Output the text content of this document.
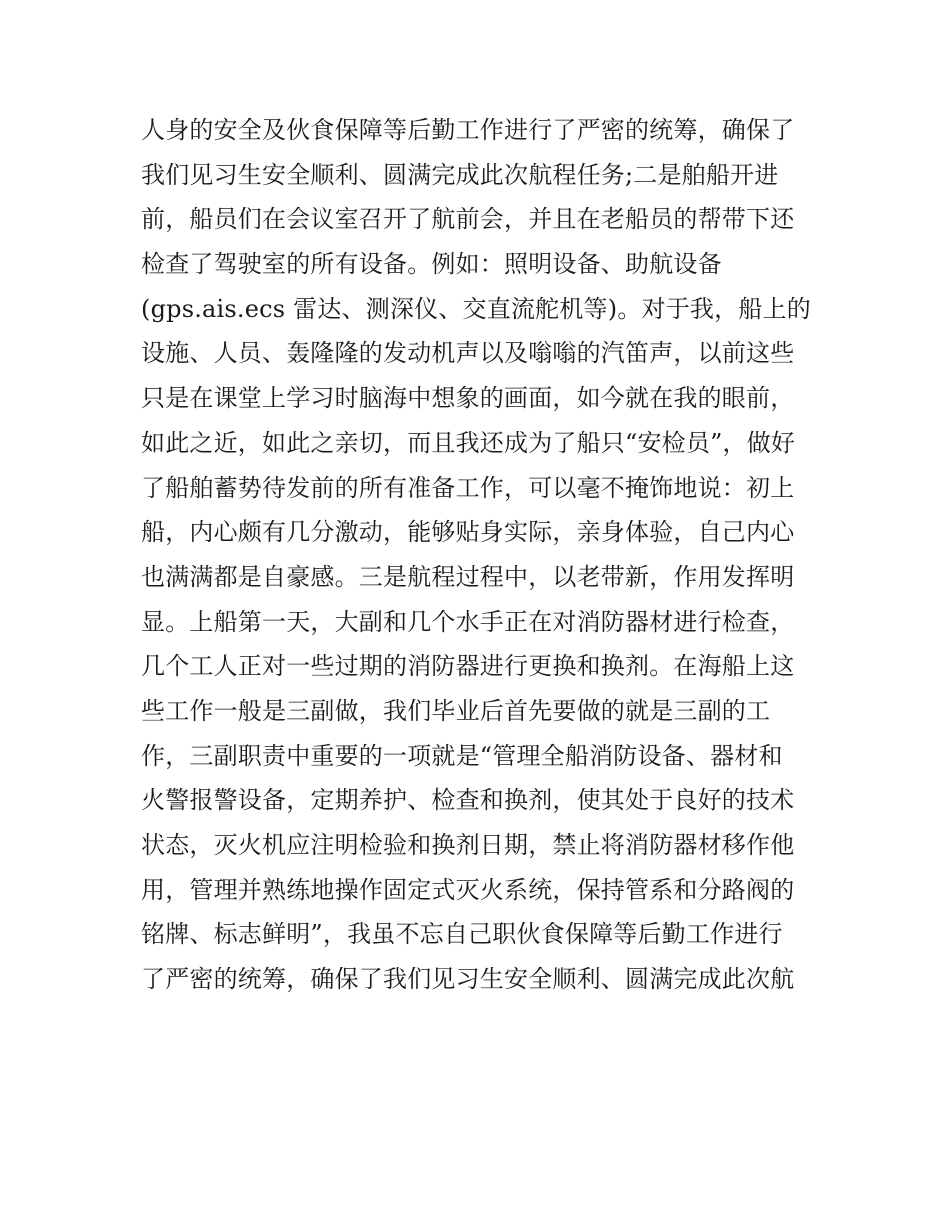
人身的安全及伙食保障等后勤工作进行了严密的统筹，确保了
我们见习生安全顺利、圆满完成此次航程任务;二是舶船开进
前，船员们在会议室召开了航前会，并且在老船员的帮带下还
检查了驾驶室的所有设备。例如：照明设备、助航设备
(gps.ais.ecs 雷达、测深仪、交直流舵机等)。对于我，船上的
设施、人员、轰隆隆的发动机声以及嗡嗡的汽笛声，以前这些
只是在课堂上学习时脑海中想象的画面，如今就在我的眼前，
如此之近，如此之亲切，而且我还成为了船只“安检员”，做好
了船舶蓄势待发前的所有准备工作，可以毫不掩饰地说：初上
船，内心颇有几分激动，能够贴身实际，亲身体验，自己内心
也满满都是自豪感。三是航程过程中，以老带新，作用发挥明
显。上船第一天，大副和几个水手正在对消防器材进行检查，
几个工人正对一些过期的消防器进行更换和换剂。在海船上这
些工作一般是三副做，我们毕业后首先要做的就是三副的工
作，三副职责中重要的一项就是“管理全船消防设备、器材和
火警报警设备，定期养护、检查和换剂，使其处于良好的技术
状态，灭火机应注明检验和换剂日期，禁止将消防器材移作他
用，管理并熟练地操作固定式灭火系统，保持管系和分路阀的
铭牌、标志鲜明”，我虽不忘自己职伙食保障等后勤工作进行
了严密的统筹，确保了我们见习生安全顺利、圆满完成此次航
